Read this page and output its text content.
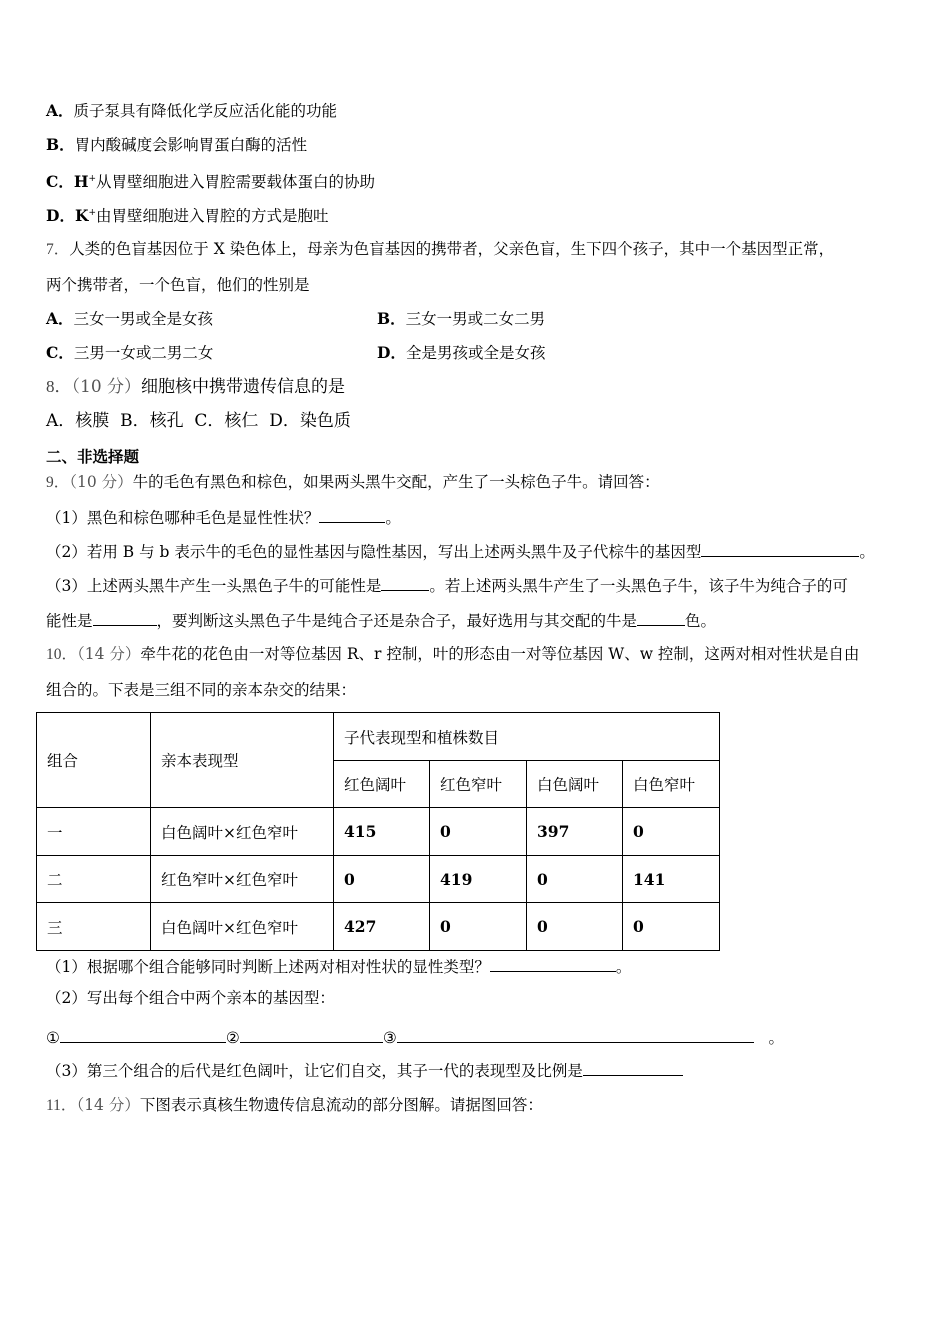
A．质子泵具有降低化学反应活化能的功能
B．胃内酸碱度会影响胃蛋白酶的活性
C．H+从胃壁细胞进入胃腔需要载体蛋白的协助
D．K+由胃壁细胞进入胃腔的方式是胞吐
7．人类的色盲基因位于 X 染色体上，母亲为色盲基因的携带者，父亲色盲，生下四个孩子，其中一个基因型正常，
两个携带者，一个色盲，他们的性别是
A．三女一男或全是女孩	B．三女一男或二女二男
C．三男一女或二男二女	D．全是男孩或全是女孩
8．（10 分）细胞核中携带遗传信息的是
A．核膜 B．核孔 C．核仁 D．染色质
二、非选择题
9．（10 分）牛的毛色有黑色和棕色，如果两头黑牛交配，产生了一头棕色子牛。请回答：
（1）黑色和棕色哪种毛色是显性性状？	。
（2）若用 B 与 b 表示牛的毛色的显性基因与隐性基因，写出上述两头黑牛及子代棕牛的基因型	。
（3）上述两头黑牛产生一头黑色子牛的可能性是	。若上述两头黑牛产生了一头黑色子牛，该子牛为纯合子的可
能性是	，要判断这头黑色子牛是纯合子还是杂合子，最好选用与其交配的牛是	色。
10．（14 分）牵牛花的花色由一对等位基因 R、r 控制，叶的形态由一对等位基因 W、w 控制，这两对相对性状是自由
组合的。下表是三组不同的亲本杂交的结果：
组合	亲本表现型	子代表现型和植株数目			
		红色阔叶	红色窄叶	白色阔叶	白色窄叶
一	白色阔叶×红色窄叶	415	0	397	0
二	红色窄叶×红色窄叶	0	419	0	141
三	白色阔叶×红色窄叶	427	0	0	0
（1）根据哪个组合能够同时判断上述两对相对性状的显性类型？	。
（2）写出每个组合中两个亲本的基因型：
①	②	③	。
（3）第三个组合的后代是红色阔叶，让它们自交，其子一代的表现型及比例是
11．（14 分）下图表示真核生物遗传信息流动的部分图解。请据图回答：
